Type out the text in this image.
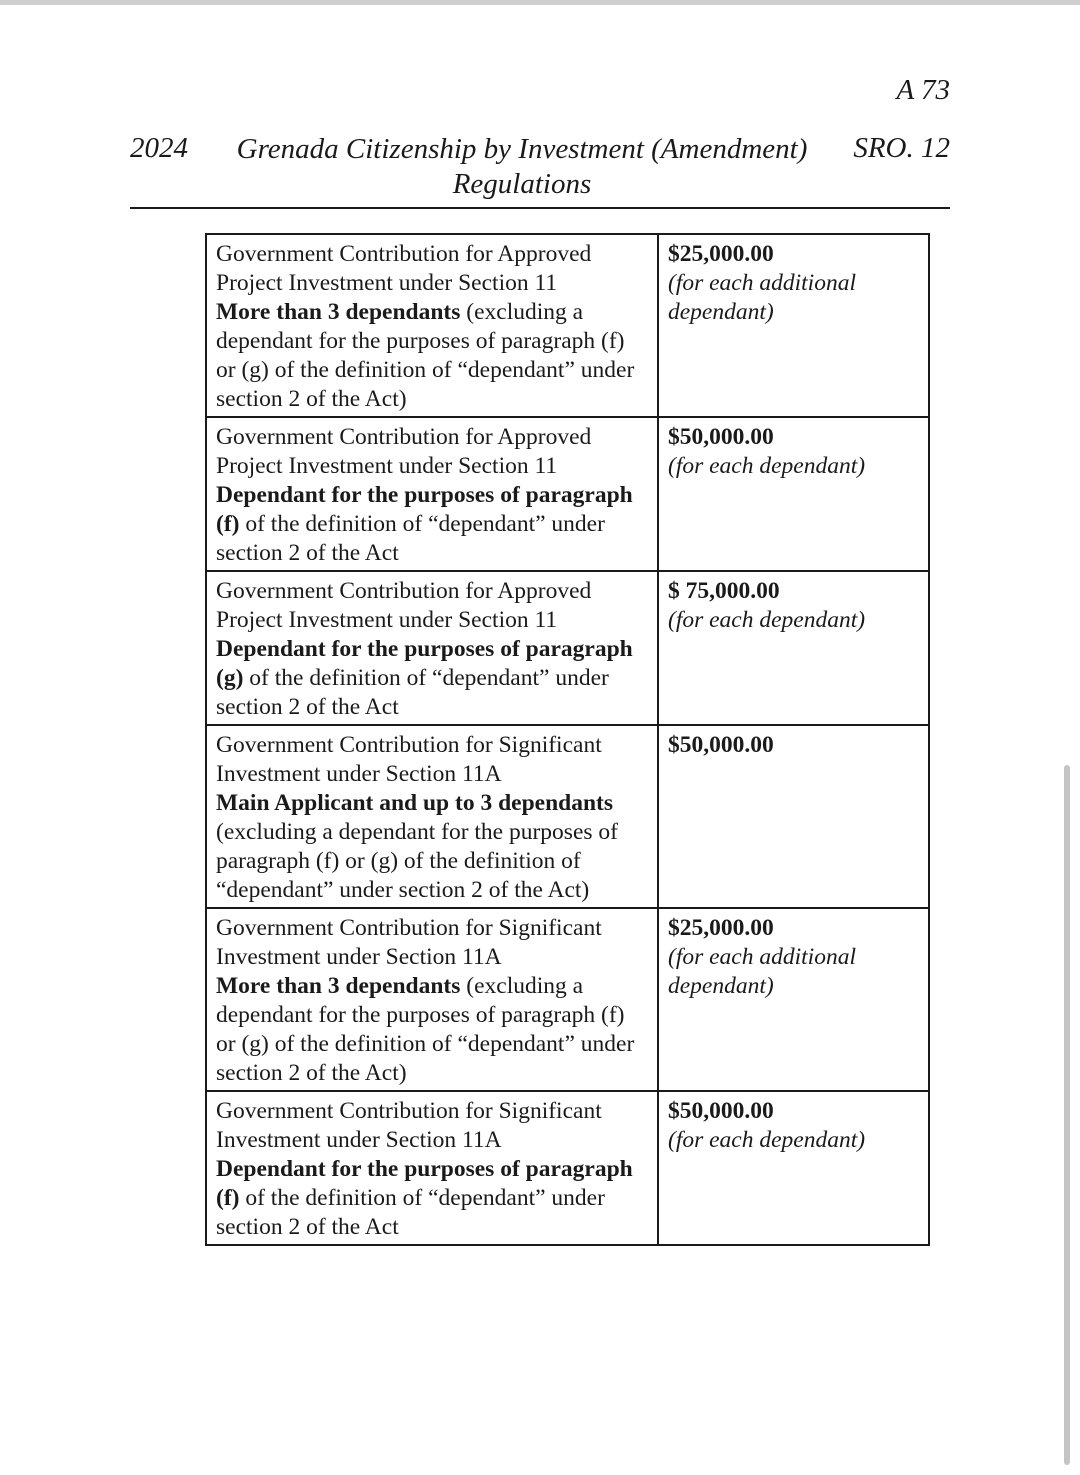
A 73
2024 Grenada Citizenship by Investment (Amendment) Regulations
SRO. 12
Government Contribution for Approved
Project Investment under Section 11
More than 3 dependants (excluding a dependant for the purposes of paragraph (f) or (g) of the definition of “dependant” under section 2 of the Act)	$25,000.00
(for each additional dependant)

Government Contribution for Approved
Project Investment under Section 11
Dependant for the purposes of paragraph (f) of the definition of “dependant” under section 2 of the Act	$50,000.00
(for each dependant)

Government Contribution for Approved
Project Investment under Section 11
Dependant for the purposes of paragraph (g) of the definition of “dependant” under section 2 of the Act	$ 75,000.00
(for each dependant)

Government Contribution for Significant
Investment under Section 11A
Main Applicant and up to 3 dependants (excluding a dependant for the purposes of paragraph (f) or (g) of the definition of “dependant” under section 2 of the Act)	$50,000.00

Government Contribution for Significant
Investment under Section 11A
More than 3 dependants (excluding a dependant for the purposes of paragraph (f) or (g) of the definition of “dependant” under section 2 of the Act)	$25,000.00
(for each additional dependant)

Government Contribution for Significant
Investment under Section 11A
Dependant for the purposes of paragraph (f) of the definition of “dependant” under section 2 of the Act	$50,000.00
(for each dependant)
